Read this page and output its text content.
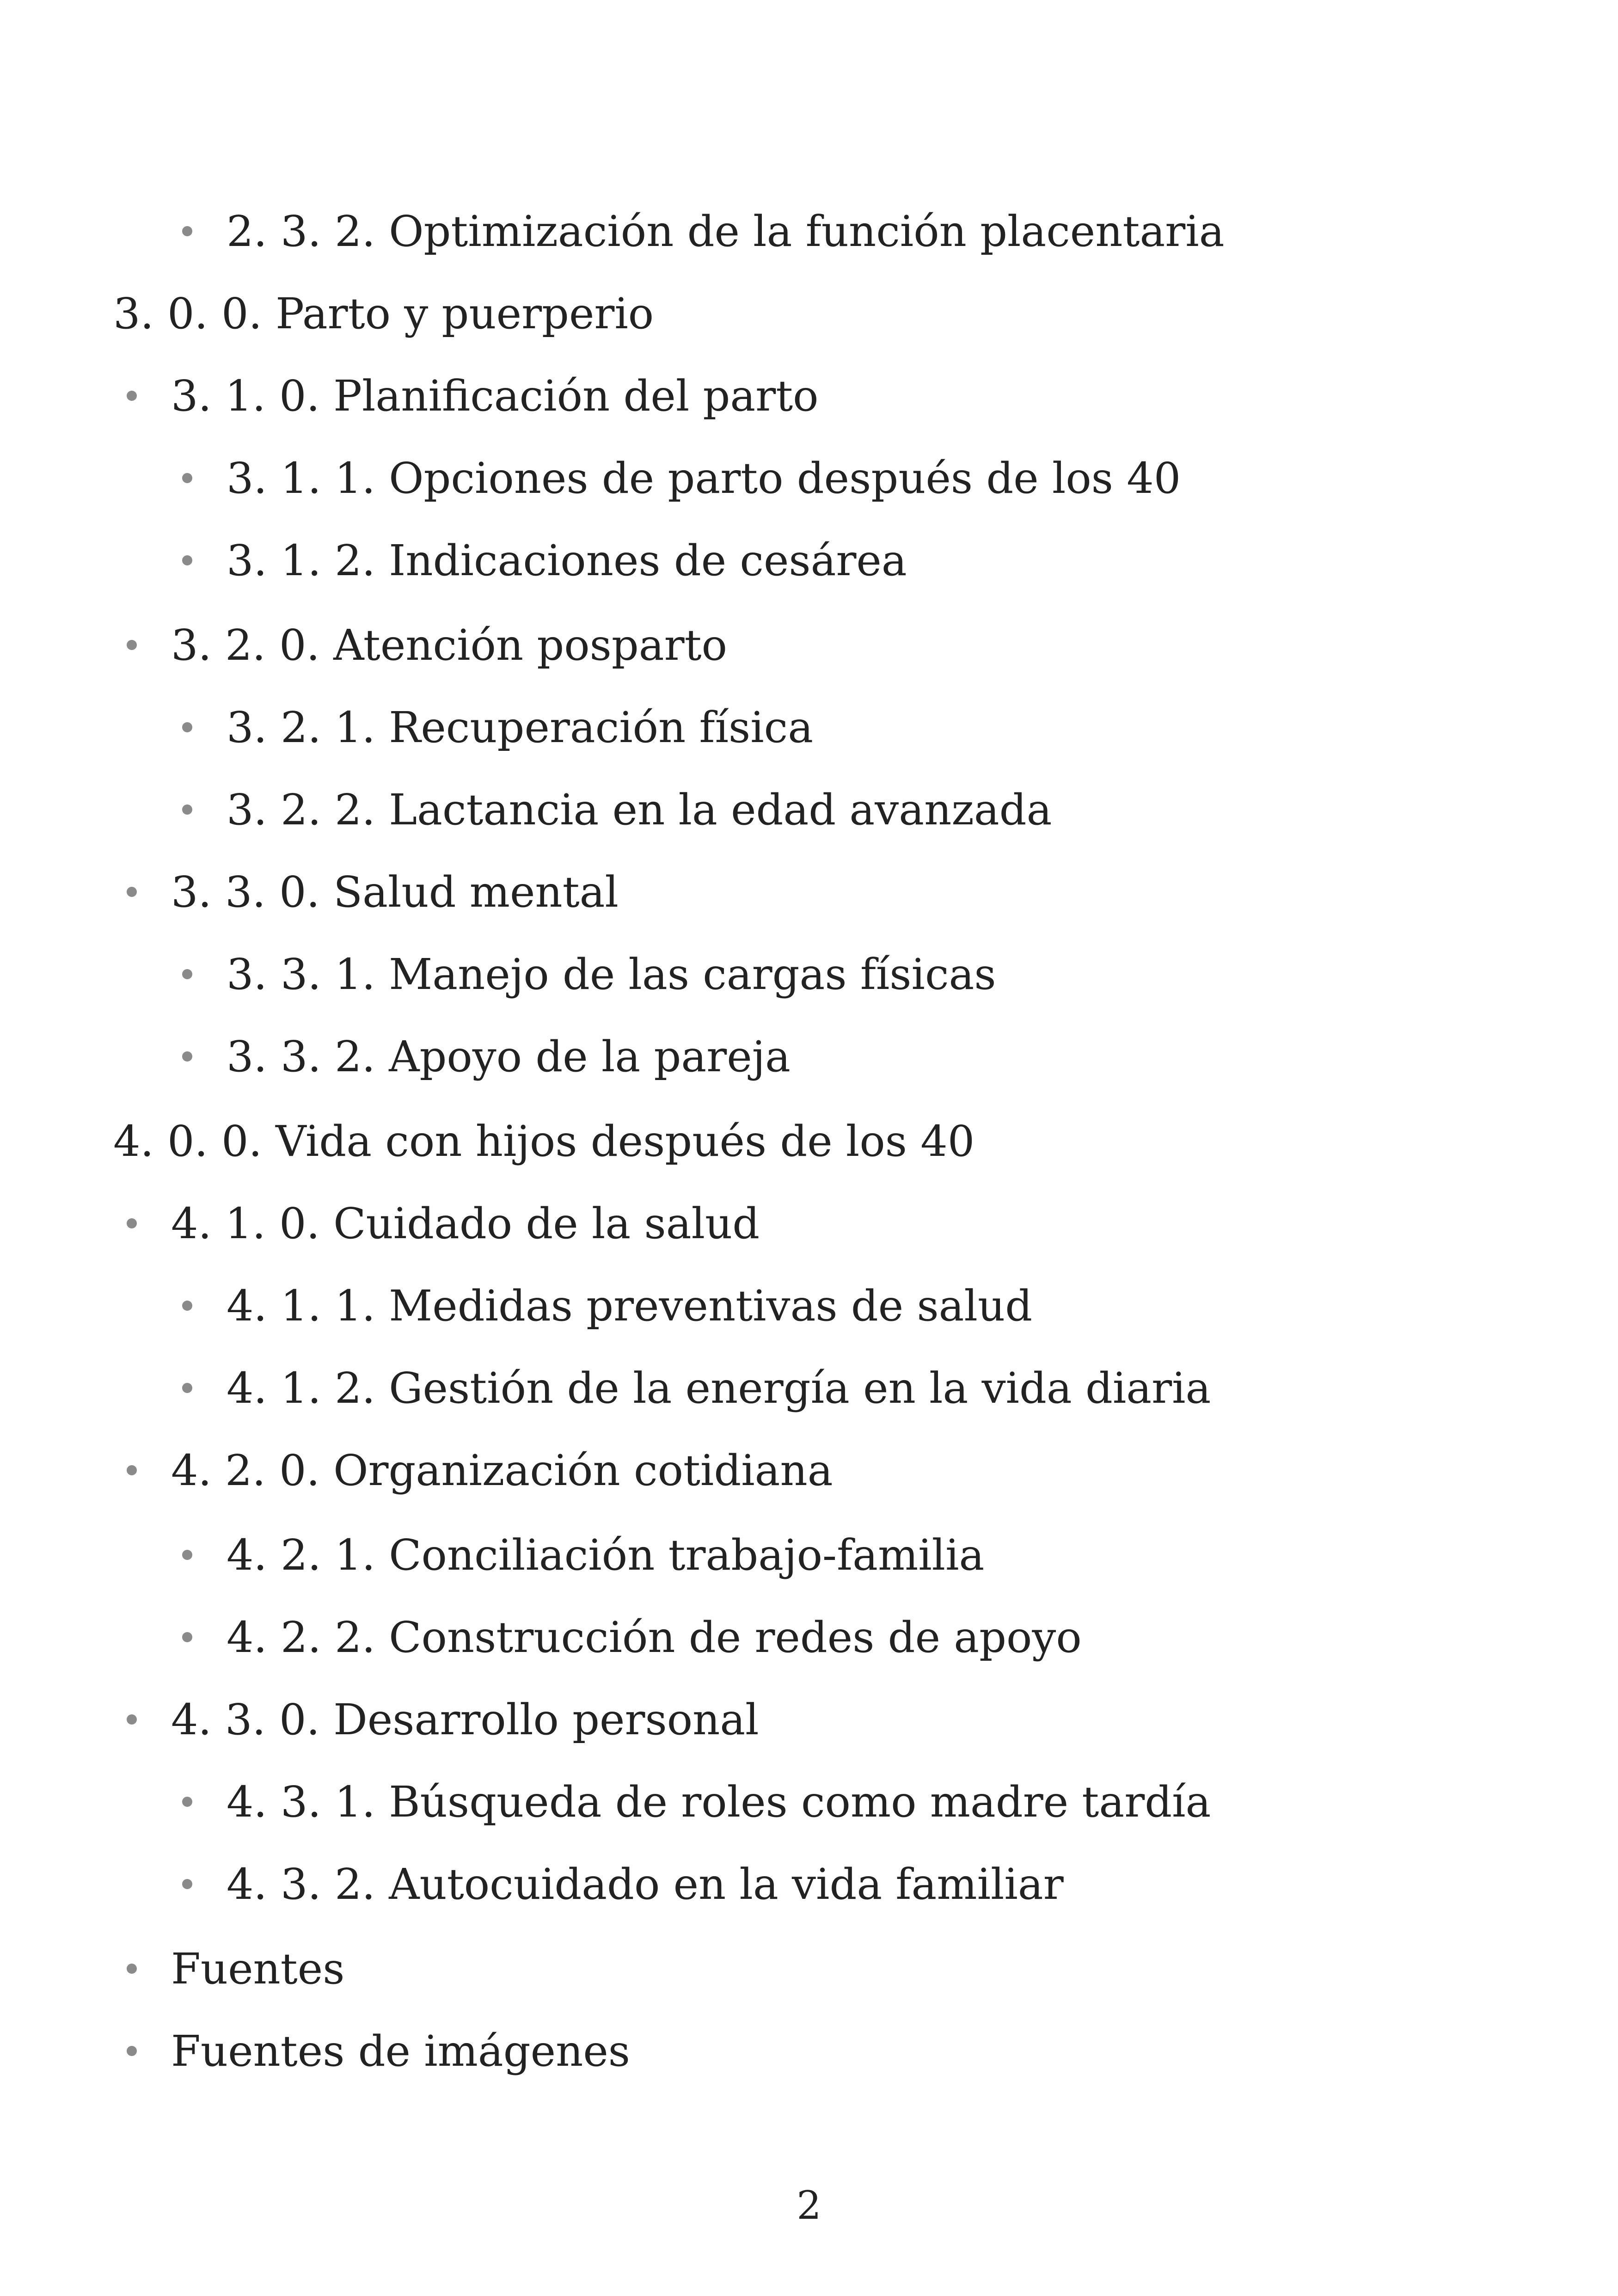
2. 3. 2. Optimización de la función placentaria
3. 0. 0. Parto y puerperio
3. 1. 0. Planificación del parto
3. 1. 1. Opciones de parto después de los 40
3. 1. 2. Indicaciones de cesárea
3. 2. 0. Atención posparto
3. 2. 1. Recuperación física
3. 2. 2. Lactancia en la edad avanzada
3. 3. 0. Salud mental
3. 3. 1. Manejo de las cargas físicas
3. 3. 2. Apoyo de la pareja
4. 0. 0. Vida con hijos después de los 40
4. 1. 0. Cuidado de la salud
4. 1. 1. Medidas preventivas de salud
4. 1. 2. Gestión de la energía en la vida diaria
4. 2. 0. Organización cotidiana
4. 2. 1. Conciliación trabajo-familia
4. 2. 2. Construcción de redes de apoyo
4. 3. 0. Desarrollo personal
4. 3. 1. Búsqueda de roles como madre tardía
4. 3. 2. Autocuidado en la vida familiar
Fuentes
Fuentes de imágenes
2
